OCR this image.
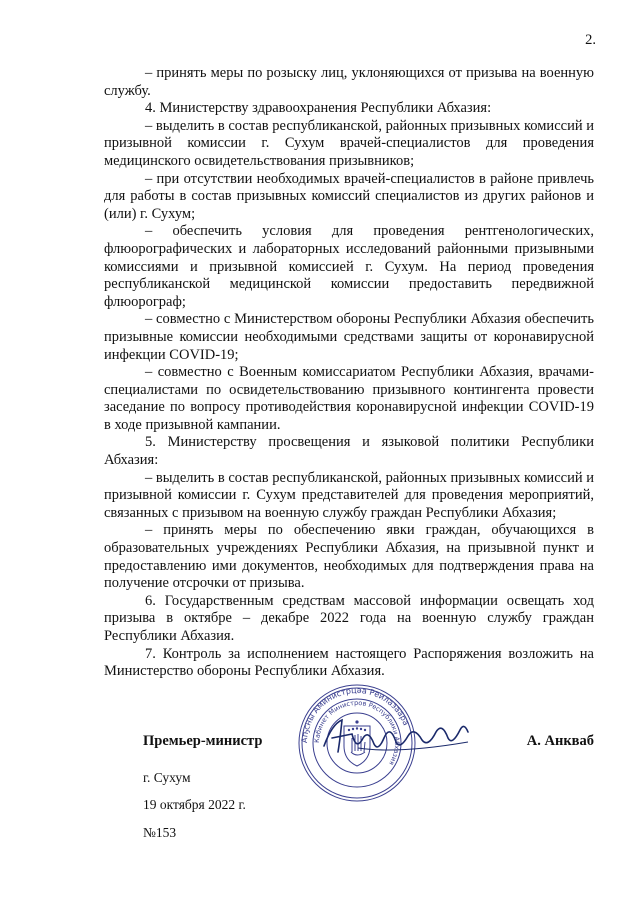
2.

– принять меры по розыску лиц, уклоняющихся от призыва на военную службу.

4. Министерству здравоохранения Республики Абхазия:

– выделить в состав республиканской, районных призывных комиссий и призывной комиссии г. Сухум врачей-специалистов для проведения медицинского освидетельствования призывников;

– при отсутствии необходимых врачей-специалистов в районе привлечь для работы в состав призывных комиссий специалистов из других районов и (или) г. Сухум;

– обеспечить условия для проведения рентгенологических, флюорографических и лабораторных исследований районными призывными комиссиями и призывной комиссией г. Сухум. На период проведения республиканской медицинской комиссии предоставить передвижной флюорограф;

– совместно с Министерством обороны Республики Абхазия обеспечить призывные комиссии необходимыми средствами защиты от коронавирусной инфекции COVID-19;

– совместно с Военным комиссариатом Республики Абхазия, врачами-специалистами по освидетельствованию призывного контингента провести заседание по вопросу противодействия коронавирусной инфекции COVID-19 в ходе призывной кампании.

5. Министерству просвещения и языковой политики Республики Абхазия:

– выделить в состав республиканской, районных призывных комиссий и призывной комиссии г. Сухум представителей для проведения мероприятий, связанных с призывом на военную службу граждан Республики Абхазия;

– принять меры по обеспечению явки граждан, обучающихся в образовательных учреждениях Республики Абхазия, на призывной пункт и предоставлению ими документов, необходимых для подтверждения права на получение отсрочки от призыва.

6. Государственным средствам массовой информации освещать ход призыва в октябре – декабре 2022 года на военную службу граждан Республики Абхазия.

7. Контроль за исполнением настоящего Распоряжения возложить на Министерство обороны Республики Абхазия.

Аҧсны Аминистрцәа Реилазаара
Кабинет Министров Республики Абхазия
Премьер-министр	А. Анкваб
г. Сухум
19 октября 2022 г.
№153
